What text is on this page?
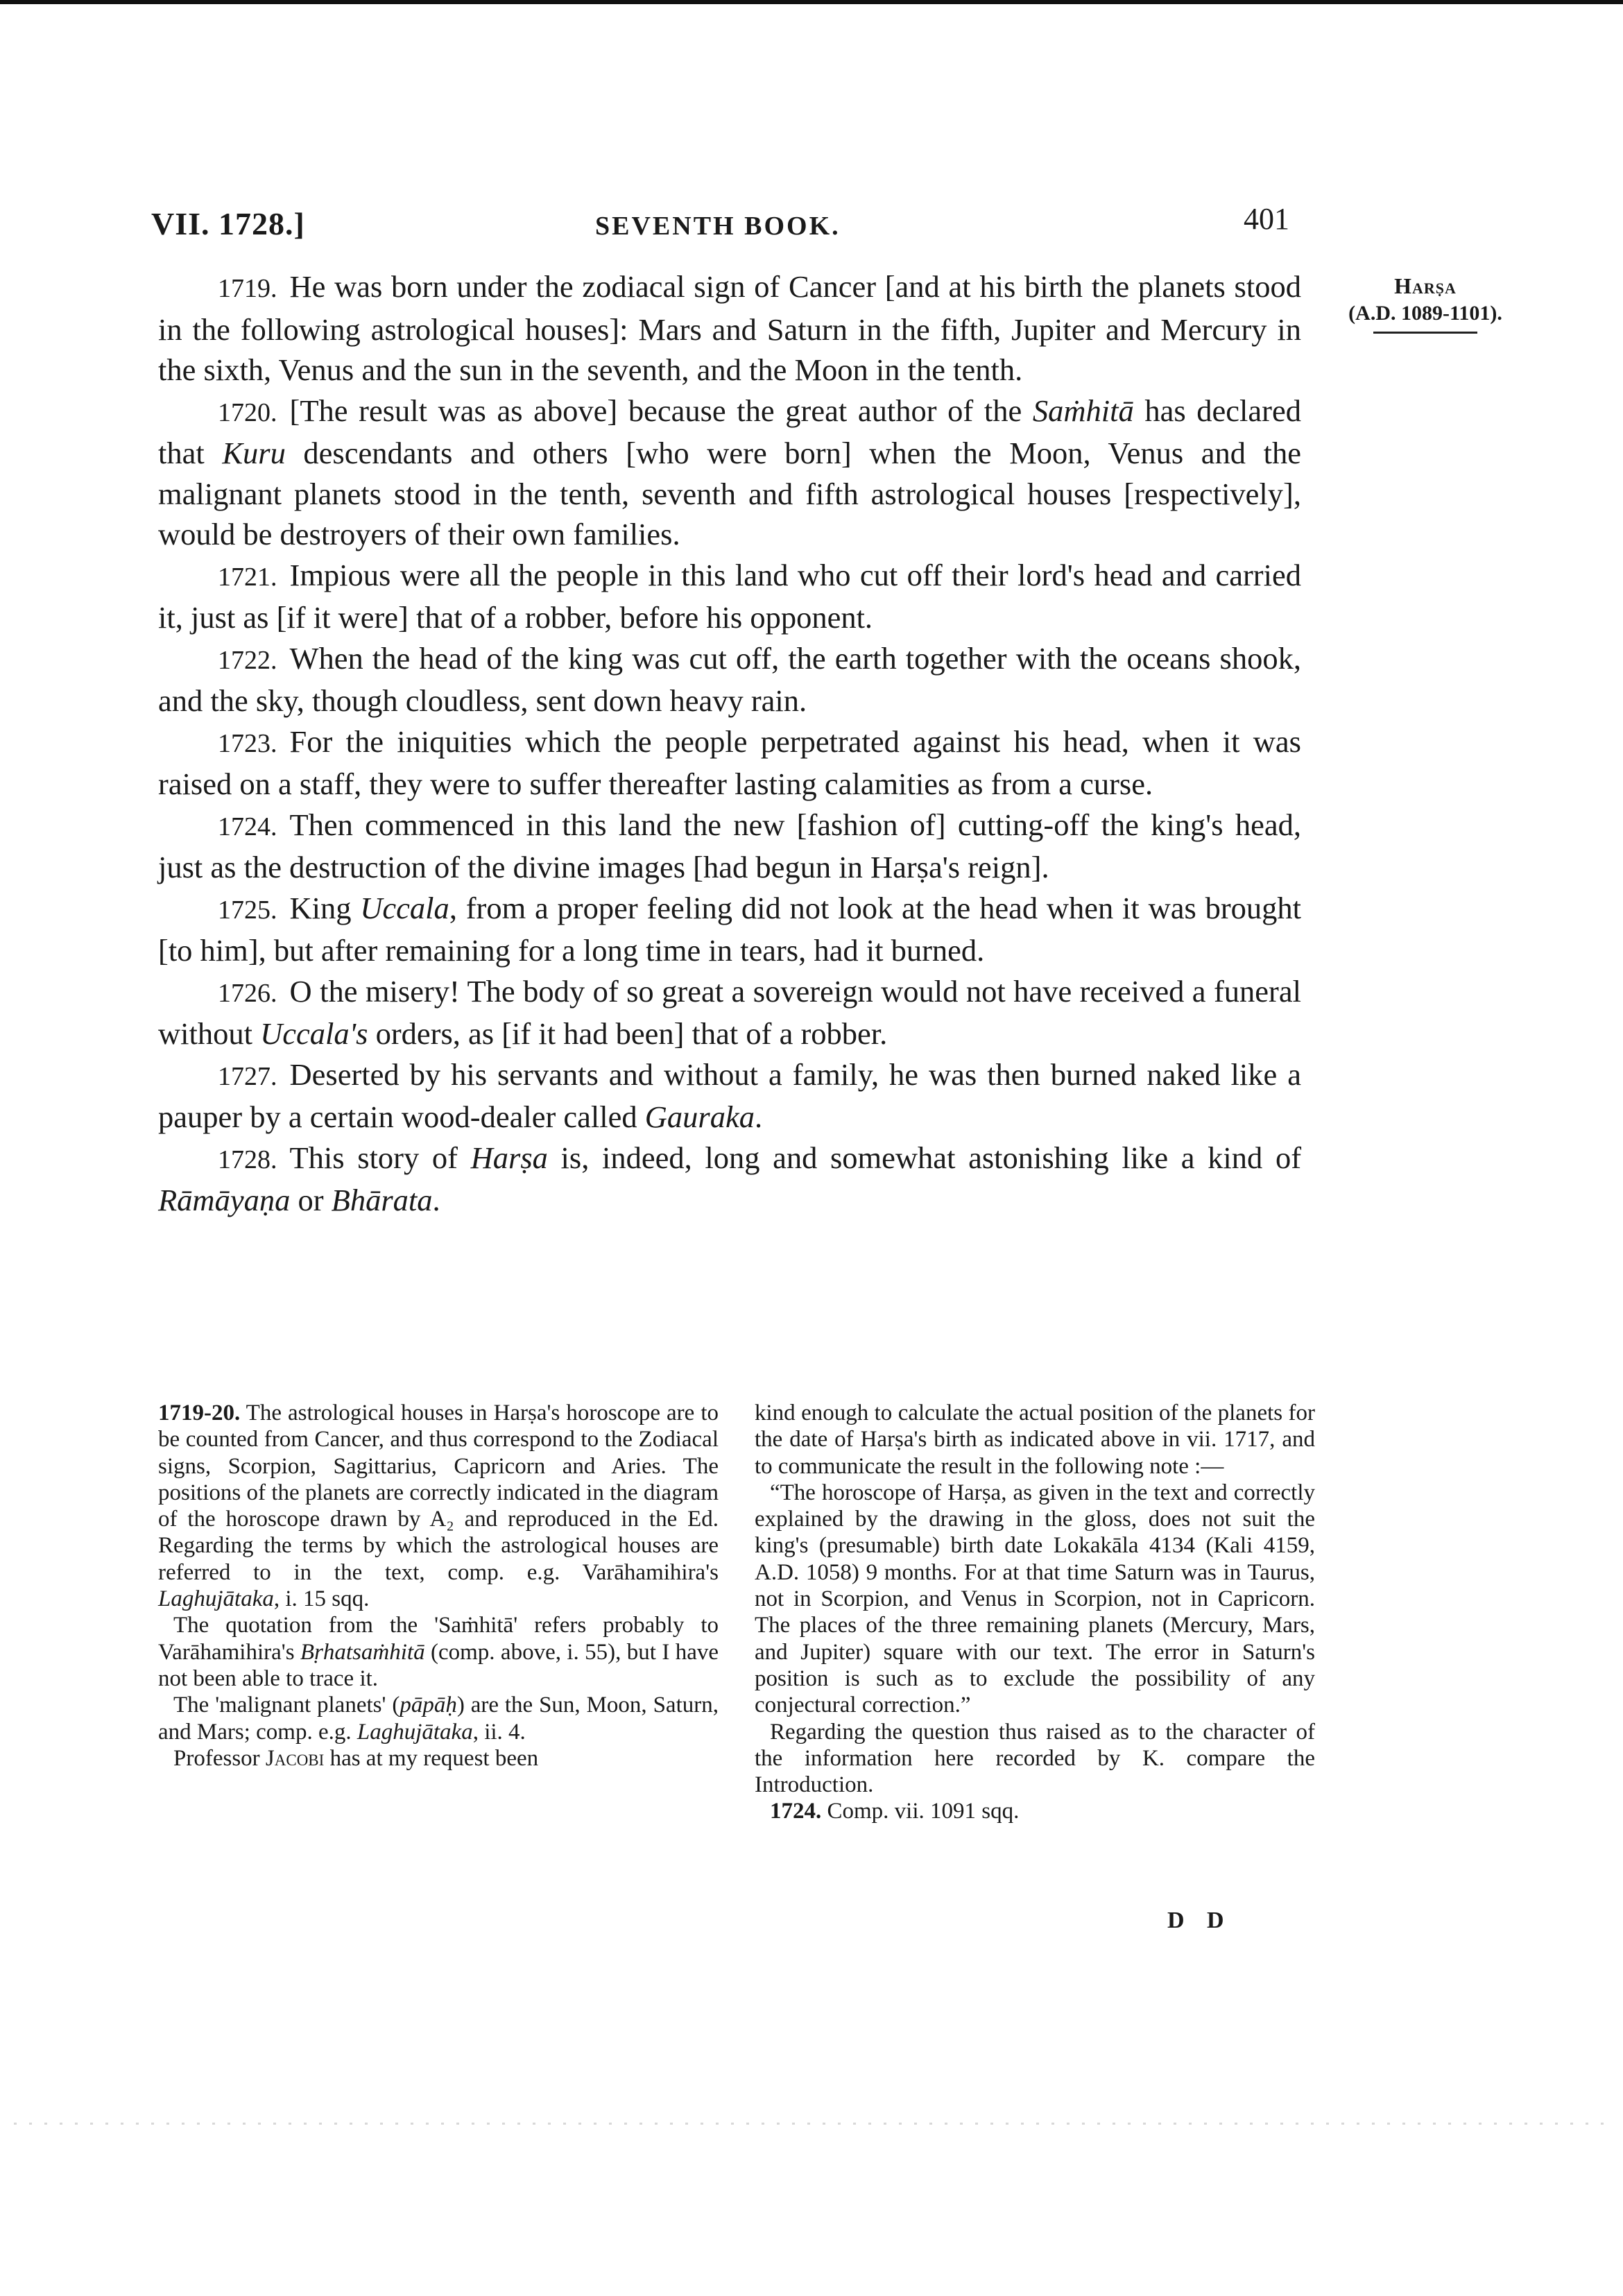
VII. 1728.]	SEVENTH BOOK.	401
Harṣa
(A.D. 1089-1101).

1719. He was born under the zodiacal sign of Cancer [and at his birth the planets stood in the following astrological houses]: Mars and Saturn in the fifth, Jupiter and Mercury in the sixth, Venus and the sun in the seventh, and the Moon in the tenth.

1720. [The result was as above] because the great author of the Saṁhitā has declared that Kuru descendants and others [who were born] when the Moon, Venus and the malignant planets stood in the tenth, seventh and fifth astrological houses [respectively], would be destroyers of their own families.

1721. Impious were all the people in this land who cut off their lord's head and carried it, just as [if it were] that of a robber, before his opponent.

1722. When the head of the king was cut off, the earth together with the oceans shook, and the sky, though cloudless, sent down heavy rain.

1723. For the iniquities which the people perpetrated against his head, when it was raised on a staff, they were to suffer thereafter lasting calamities as from a curse.

1724. Then commenced in this land the new [fashion of] cutting-off the king's head, just as the destruction of the divine images [had begun in Harṣa's reign].

1725. King Uccala, from a proper feeling did not look at the head when it was brought [to him], but after remaining for a long time in tears, had it burned.

1726. O the misery! The body of so great a sovereign would not have received a funeral without Uccala's orders, as [if it had been] that of a robber.

1727. Deserted by his servants and without a family, he was then burned naked like a pauper by a certain wood-dealer called Gauraka.

1728. This story of Harṣa is, indeed, long and somewhat astonishing like a kind of Rāmāyaṇa or Bhārata.

1719-20. The astrological houses in Harṣa's horoscope are to be counted from Cancer, and thus correspond to the Zodiacal signs, Scorpion, Sagittarius, Capricorn and Aries. The positions of the planets are correctly indicated in the diagram of the horoscope drawn by A₂ and reproduced in the Ed. Regarding the terms by which the astrological houses are referred to in the text, comp. e.g. Varāhamihira's Laghujātaka, i. 15 sqq.

The quotation from the 'Saṁhitā' refers probably to Varāhamihira's Bṛhatsaṁhitā (comp. above, i. 55), but I have not been able to trace it.

The 'malignant planets' (pāpāḥ) are the Sun, Moon, Saturn, and Mars; comp. e.g. Laghujātaka, ii. 4.

Professor Jacobi has at my request been

kind enough to calculate the actual position of the planets for the date of Harṣa's birth as indicated above in vii. 1717, and to communicate the result in the following note :—

“The horoscope of Harṣa, as given in the text and correctly explained by the drawing in the gloss, does not suit the king's (presumable) birth date Lokakāla 4134 (Kali 4159, A.D. 1058) 9 months. For at that time Saturn was in Taurus, not in Scorpion, and Venus in Scorpion, not in Capricorn. The places of the three remaining planets (Mercury, Mars, and Jupiter) square with our text. The error in Saturn's position is such as to exclude the possibility of any conjectural correction.”

Regarding the question thus raised as to the character of the information here recorded by K. compare the Introduction.

1724. Comp. vii. 1091 sqq.

D D
